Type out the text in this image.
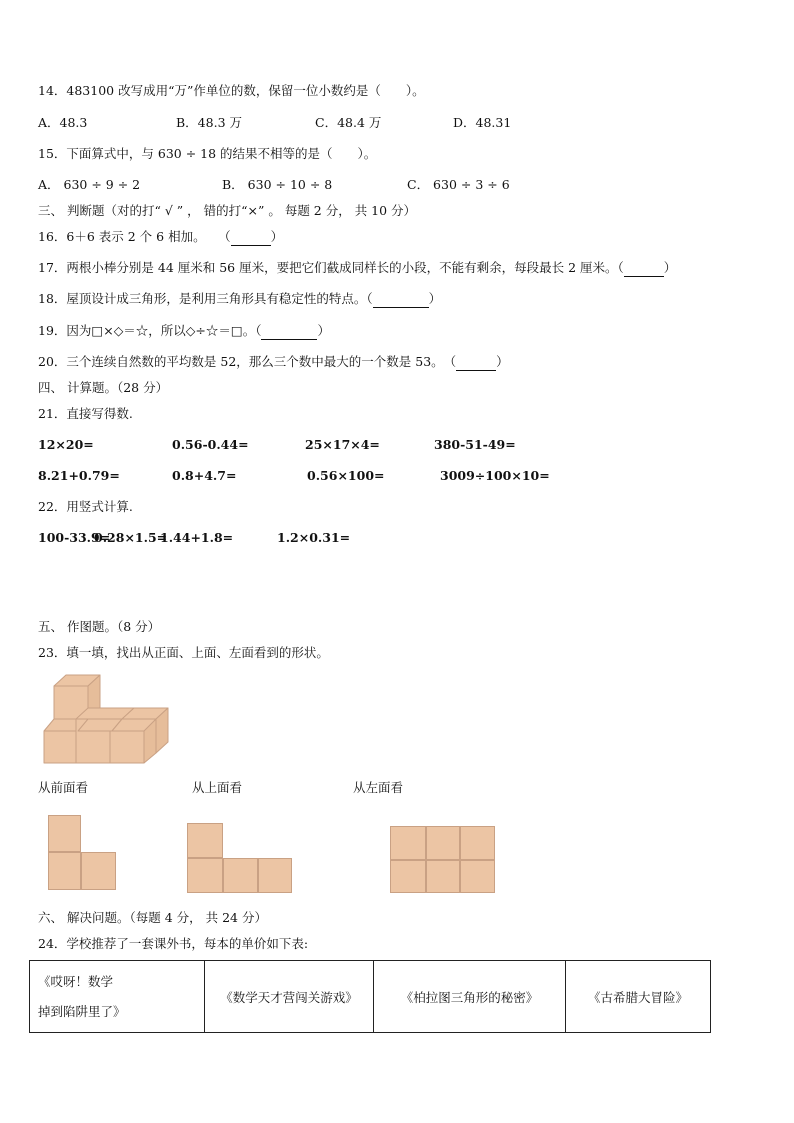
14．483100 改写成用“万”作单位的数，保留一位小数约是（　　）。
A．48.3	B．48.3 万	C．48.4 万	D．48.31
15．下面算式中，与 630 ÷ 18 的结果不相等的是（　　）。
A． 630 ÷ 9 ÷ 2	B． 630 ÷ 10 ÷ 8	C． 630 ÷ 3 ÷ 6
三、 判断题（对的打“ √ ” ， 错的打“×” 。 每题 2 分， 共 10 分）
16．6＋6 表示 2 个 6 相加。　　（	）
17．两根小棒分别是 44 厘米和 56 厘米，要把它们截成同样长的小段，不能有剩余，每段最长 2 厘米。（	）
18．屋顶设计成三角形，是利用三角形具有稳定性的特点。（	）
19．因为□×◇＝☆，所以◇÷☆＝□。（	）
20．三个连续自然数的平均数是 52，那么三个数中最大的一个数是 53。　（	）
四、 计算题。（28 分）
21．直接写得数.
12×20=	0.56-0.44=	25×17×4=	380-51-49=
8.21+0.79=	0.8+4.7=	0.56×100=	3009÷100×10=
22．用竖式计算.
100-33.9=
0.28×1.5=
1.44+1.8=	1.2×0.31=
五、 作图题。（8 分）
23．填一填，找出从正面、上面、左面看到的形状。
从前面看	从上面看	从左面看
六、 解决问题。（每题 4 分， 共 24 分）
24．学校推荐了一套课外书，每本的单价如下表:
《哎呀！数学
掉到陷阱里了》
	《数学天才营闯关游戏》	《柏拉图三角形的秘密》	《古希腊大冒险》
